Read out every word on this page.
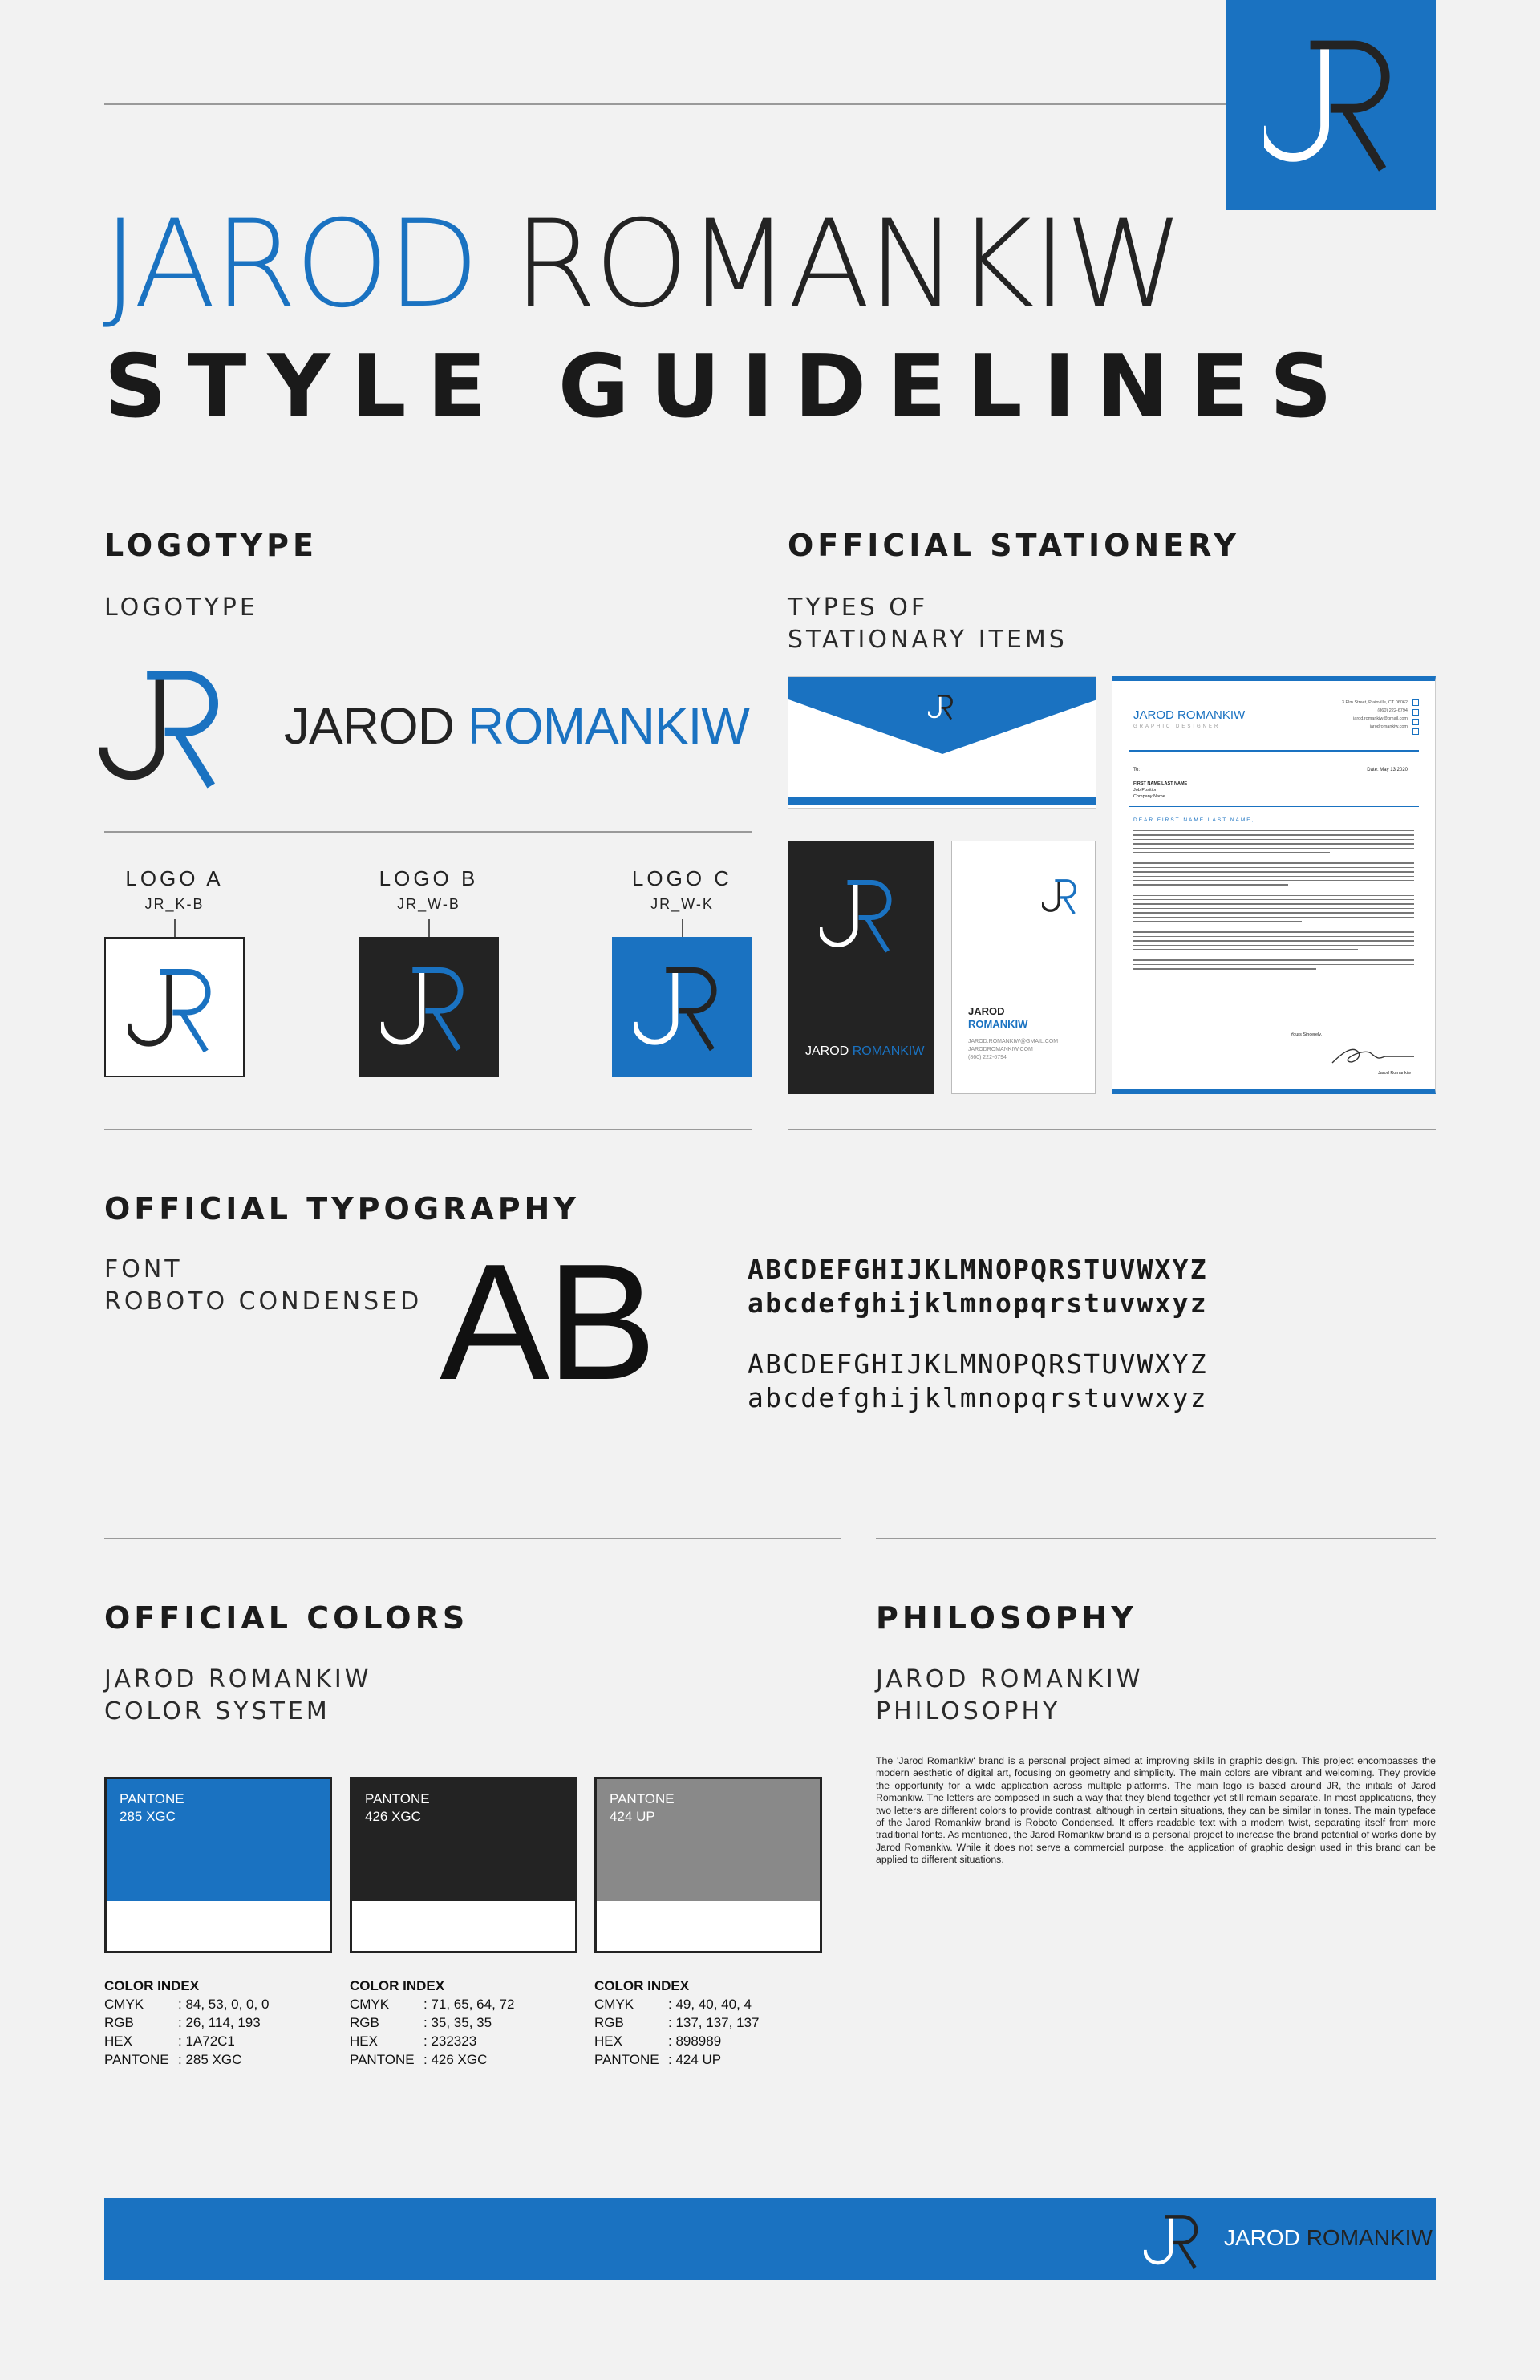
JAROD ROMANKIW
STYLE GUIDELINES
LOGOTYPE
LOGOTYPE
JAROD ROMANKIW
LOGO A
JR_K-B
LOGO B
JR_W-B
LOGO C
JR_W-K
OFFICIAL STATIONERY
TYPES OF
STATIONARY ITEMS
JAROD ROMANKIW
JAROD
ROMANKIW
JAROD.ROMANKIW@GMAIL.COM
JARODROMANKIW.COM
(860) 222-6794
JAROD ROMANKIW
GRAPHIC DESIGNER
3 Elm Street, Plainville, CT 06062
(860) 222-6794
jarod.romankiw@gmail.com
jarodromankiw.com
To:	Date: May 13 2020
FIRST NAME LAST NAME
Job Position
Company Name
DEAR FIRST NAME LAST NAME,
Yours Sincerely,
Jarod Romankiw
OFFICIAL TYPOGRAPHY
FONT
ROBOTO CONDENSED AB	ABCDEFGHIJKLMNOPQRSTUVWXYZ
abcdefghijklmnopqrstuvwxyz
ABCDEFGHIJKLMNOPQRSTUVWXYZ
abcdefghijklmnopqrstuvwxyz
OFFICIAL COLORS
JAROD ROMANKIW
COLOR SYSTEM
PANTONE
285 XGC
PANTONE
426 XGC
PANTONE
424 UP
COLOR INDEX
CMYK	: 84, 53, 0, 0, 0
RGB	: 26, 114, 193
HEX	: 1A72C1
PANTONE : 285 XGC
COLOR INDEX
CMYK	: 71, 65, 64, 72
RGB	: 35, 35, 35
HEX	: 232323
PANTONE : 426 XGC
COLOR INDEX
CMYK	: 49, 40, 40, 4
RGB	: 137, 137, 137
HEX	: 898989
PANTONE : 424 UP
PHILOSOPHY
JAROD ROMANKIW
PHILOSOPHY
The 'Jarod Romankiw' brand is a personal project aimed at improving skills in graphic design. This project encompasses the modern aesthetic of digital art, focusing on geometry and simplicity. The main colors are vibrant and welcoming. They provide the opportunity for a wide application across multiple platforms. The main logo is based around JR, the initials of Jarod Romankiw. The letters are composed in such a way that they blend together yet still remain separate. In most applications, they two letters are different colors to provide contrast, although in certain situations, they can be similar in tones. The main typeface of the Jarod Romankiw brand is Roboto Condensed. It offers readable text with a modern twist, separating itself from more traditional fonts. As mentioned, the Jarod Romankiw brand is a personal project to increase the brand potential of works done by Jarod Romankiw. While it does not serve a commercial purpose, the application of graphic design used in this brand can be applied to different situations.
JAROD ROMANKIW
